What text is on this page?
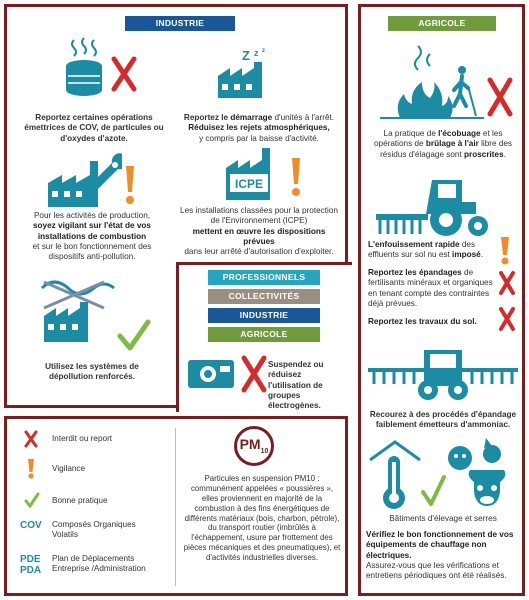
INDUSTRIE
Reportez certaines opérations émettrices de COV, de particules ou d'oxydes d'azote.
Z z z
Reportez le démarrage d'unités à l'arrêt.
Réduisez les rejets atmosphériques,
y compris par la baisse d'activité.
Pour les activités de production,
soyez vigilant sur l'état de vos installations de combustion
et sur le bon fonctionnement des dispositifs anti-pollution.
ICPE
Les installations classées pour la protection de l'Environnement (ICPE)
mettent en œuvre les dispositions prévues
dans leur arrêté d'autorisation d'exploiter.
Utilisez les systèmes de dépollution renforcés.
PROFESSIONNELS
COLLECTIVITÉS
INDUSTRIE
AGRICOLE
Suspendez ou réduisez l'utilisation de groupes électrogènes.
AGRICOLE
La pratique de l'écobuage et les opérations de brûlage à l'air libre des résidus d'élagage sont proscrites.
L'enfouissement rapide des effluents sur sol nu est imposé.
Reportez les épandages de fertilisants minéraux et organiques en tenant compte des contraintes déjà prévues.
Reportez les travaux du sol.
Recourez à des procédés d'épandage faiblement émetteurs d'ammoniac.
Bâtiments d'élevage et serres
Vérifiez le bon fonctionnement de vos équipements de chauffage non électriques.
Assurez-vous que les vérifications et entretiens périodiques ont été réalisés.
Interdit ou report
Vigilance
Bonne pratique
COV	Composés Organiques Volatils
PDE
PDA
Plan de Déplacements Entreprise /Administration
$PM_{10}$
Particules en suspension PM10 : communément appelées « poussières », elles proviennent en majorité de la combustion à des fins énergétiques de différents matériaux (bois, charbon, pétrole), du transport routier (imbrûlés à l'échappement, usure par frottement des pièces mécaniques et des pneumatiques), et d'activités industrielles diverses.
